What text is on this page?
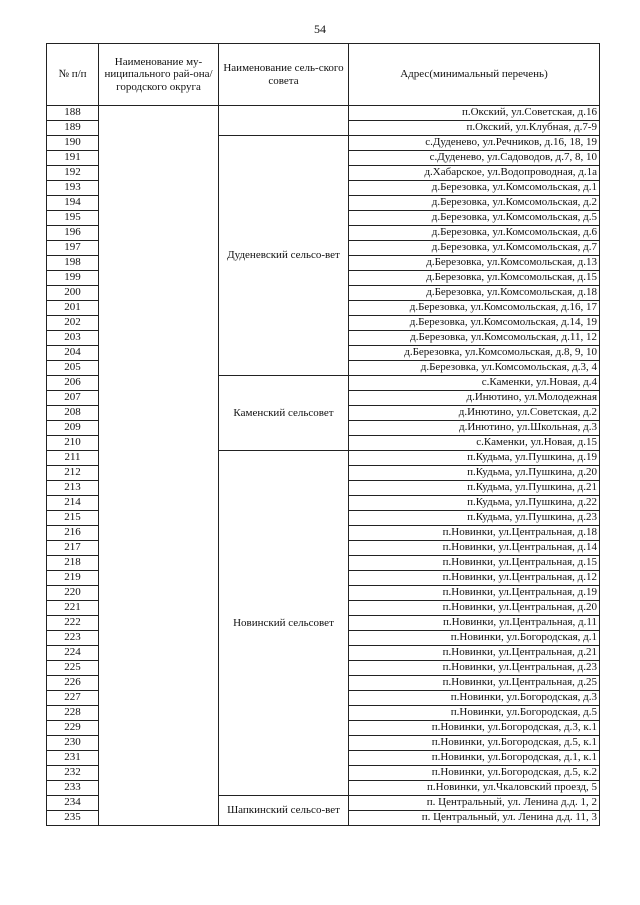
54
№ п/п	Наименование му-ниципального рай-она/ городского округа	Наименование сель-ского совета	Адрес(минимальный перечень)
188			п.Окский, ул.Советская, д.16
189			п.Окский, ул.Клубная, д.7-9
190		Дуденевский сельсо-вет	с.Дуденево, ул.Речников, д.16, 18, 19
191			с.Дуденево, ул.Садоводов, д.7, 8, 10
192			д.Хабарское, ул.Водопроводная, д.1а
193			д.Березовка, ул.Комсомольская, д.1
194			д.Березовка, ул.Комсомольская, д.2
195			д.Березовка, ул.Комсомольская, д.5
196			д.Березовка, ул.Комсомольская, д.6
197			д.Березовка, ул.Комсомольская, д.7
198			д.Березовка, ул.Комсомольская, д.13
199			д.Березовка, ул.Комсомольская, д.15
200			д.Березовка, ул.Комсомольская, д.18
201			д.Березовка, ул.Комсомольская, д.16, 17
202			д.Березовка, ул.Комсомольская, д.14, 19
203			д.Березовка, ул.Комсомольская, д.11, 12
204			д.Березовка, ул.Комсомольская, д.8, 9, 10
205			д.Березовка, ул.Комсомольская, д.3, 4
206		Каменский сельсовет	с.Каменки, ул.Новая, д.4
207			д.Инютино, ул.Молодежная
208			д.Инютино, ул.Советская, д.2
209			д.Инютино, ул.Школьная, д.3
210			с.Каменки, ул.Новая, д.15
211		Новинский сельсовет	п.Кудьма, ул.Пушкина, д.19
212			п.Кудьма, ул.Пушкина, д.20
213			п.Кудьма, ул.Пушкина, д.21
214			п.Кудьма, ул.Пушкина, д.22
215			п.Кудьма, ул.Пушкина, д.23
216			п.Новинки, ул.Центральная, д.18
217			п.Новинки, ул.Центральная, д.14
218			п.Новинки, ул.Центральная, д.15
219			п.Новинки, ул.Центральная, д.12
220			п.Новинки, ул.Центральная, д.19
221			п.Новинки, ул.Центральная, д.20
222			п.Новинки, ул.Центральная, д.11
223			п.Новинки, ул.Богородская, д.1
224			п.Новинки, ул.Центральная, д.21
225			п.Новинки, ул.Центральная, д.23
226			п.Новинки, ул.Центральная, д.25
227			п.Новинки, ул.Богородская, д.3
228			п.Новинки, ул.Богородская, д.5
229			п.Новинки, ул.Богородская, д.3, к.1
230			п.Новинки, ул.Богородская, д.5, к.1
231			п.Новинки, ул.Богородская, д.1, к.1
232			п.Новинки, ул.Богородская, д.5, к.2
233			п.Новинки, ул.Чкаловский проезд, 5
234		Шапкинский сельсо-вет	п. Центральный, ул. Ленина д.д. 1, 2
235			п. Центральный, ул. Ленина д.д. 11, 3
